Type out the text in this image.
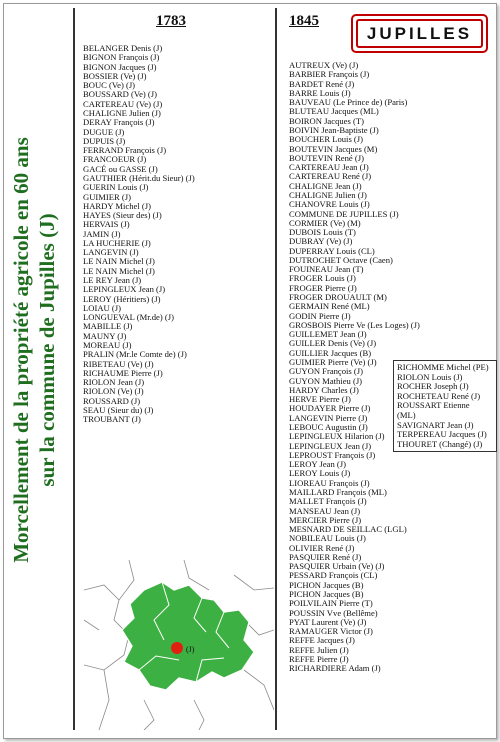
Morcellement de la propriété agricole en 60 ans sur la commune de Jupilles (J)
1783	1845
JUPILLES
BELANGER Denis (J)
BIGNON François (J)
BIGNON Jacques (J)
BOSSIER (Ve) (J)
BOUC (Ve) (J)
BOUSSARD (Ve) (J)
CARTEREAU (Ve) (J)
CHALIGNE Julien (J)
DERAY François (J)
DUGUE (J)
DUPUIS (J)
FERRAND François (J)
FRANCOEUR (J)
GACÉ ou GASSE (J)
GAUTHIER (Hérit.du Sieur) (J)
GUERIN Louis (J)
GUIMIER (J)
HARDY Michel (J)
HAYES (Sieur des) (J)
HERVAIS (J)
JAMIN (J)
LA HUCHERIE (J)
LANGEVIN (J)
LE NAIN Michel (J)
LE NAIN Michel (J)
LE REY Jean (J)
LEPINGLEUX Jean (J)
LEROY (Héritiers) (J)
LOIAU (J)
LONGUEVAL (Mr.de) (J)
MABILLE (J)
MAUNY (J)
MOREAU (J)
PRALIN (Mr.le Comte de) (J)
RIBETEAU (Ve) (J)
RICHAUME Pierre (J)
RIOLON Jean (J)
RIOLON (Ve) (J)
ROUSSARD (J)
SEAU (Sieur du) (J)
TROUBANT (J)
AUTREUX (Ve) (J)
BARBIER François (J)
BARDET René (J)
BARRE Louis (J)
BAUVEAU (Le Prince de) (Paris)
BLUTEAU Jacques (ML)
BOIRON Jacques (T)
BOIVIN Jean-Baptiste (J)
BOUCHER Louis (J)
BOUTEVIN Jacques (M)
BOUTEVIN René (J)
CARTEREAU Jean (J)
CARTEREAU René (J)
CHALIGNE Jean (J)
CHALIGNE Julien (J)
CHANOVRE Louis (J)
COMMUNE DE JUPILLES (J)
CORMIER (Ve) (M)
DUBOIS Louis (T)
DUBRAY (Ve) (J)
DUPERRAY Louis (CL)
DUTROCHET Octave (Caen)
FOUINEAU Jean (T)
FROGER Louis (J)
FROGER Pierre (J)
FROGER DROUAULT (M)
GERMAIN René (ML)
GODIN Pierre (J)
GROSBOIS Pierre Ve (Les Loges) (J)
GUILLEMET Jean (J)
GUILLER Denis (Ve) (J)
GUILLIER Jacques (B)
GUIMIER Pierre (Ve) (J)
GUYON François (J)
GUYON Mathieu (J)
HARDY Charles (J)
HERVE Pierre (J)
HOUDAYER Pierre (J)
LANGEVIN Pierre (J)
LEBOUC Augustin (J)
LEPINGLEUX Hilarion (J)
LEPINGLEUX Jean (J)
LEPROUST François (J)
LEROY Jean (J)
LEROY Louis (J)
LIOREAU François (J)
MAILLARD François (ML)
MALLET François (J)
MANSEAU Jean (J)
MERCIER Pierre (J)
MESNARD DE SEILLAC (LGL)
NOBILEAU Louis (J)
OLIVIER René (J)
PASQUIER René (J)
PASQUIER Urbain (Ve) (J)
PESSARD François (CL)
PICHON Jacques (B)
PICHON Jacques (B)
POILVILAIN Pierre (T)
POUSSIN Vve (Bellême)
PYAT Laurent (Ve) (J)
RAMAUGER Victor (J)
REFFE Jacques (J)
REFFE Julien (J)
REFFE Pierre (J)
RICHARDIERE Adam (J)
RICHOMME Michel (PE)
RIOLON Louis (J)
ROCHER Joseph (J)
ROCHETEAU René (J)
ROUSSART Etienne
(ML)
SAVIGNART Jean (J)
TERPEREAU Jacques (J)
THOURET (Changé) (J)
(J)
